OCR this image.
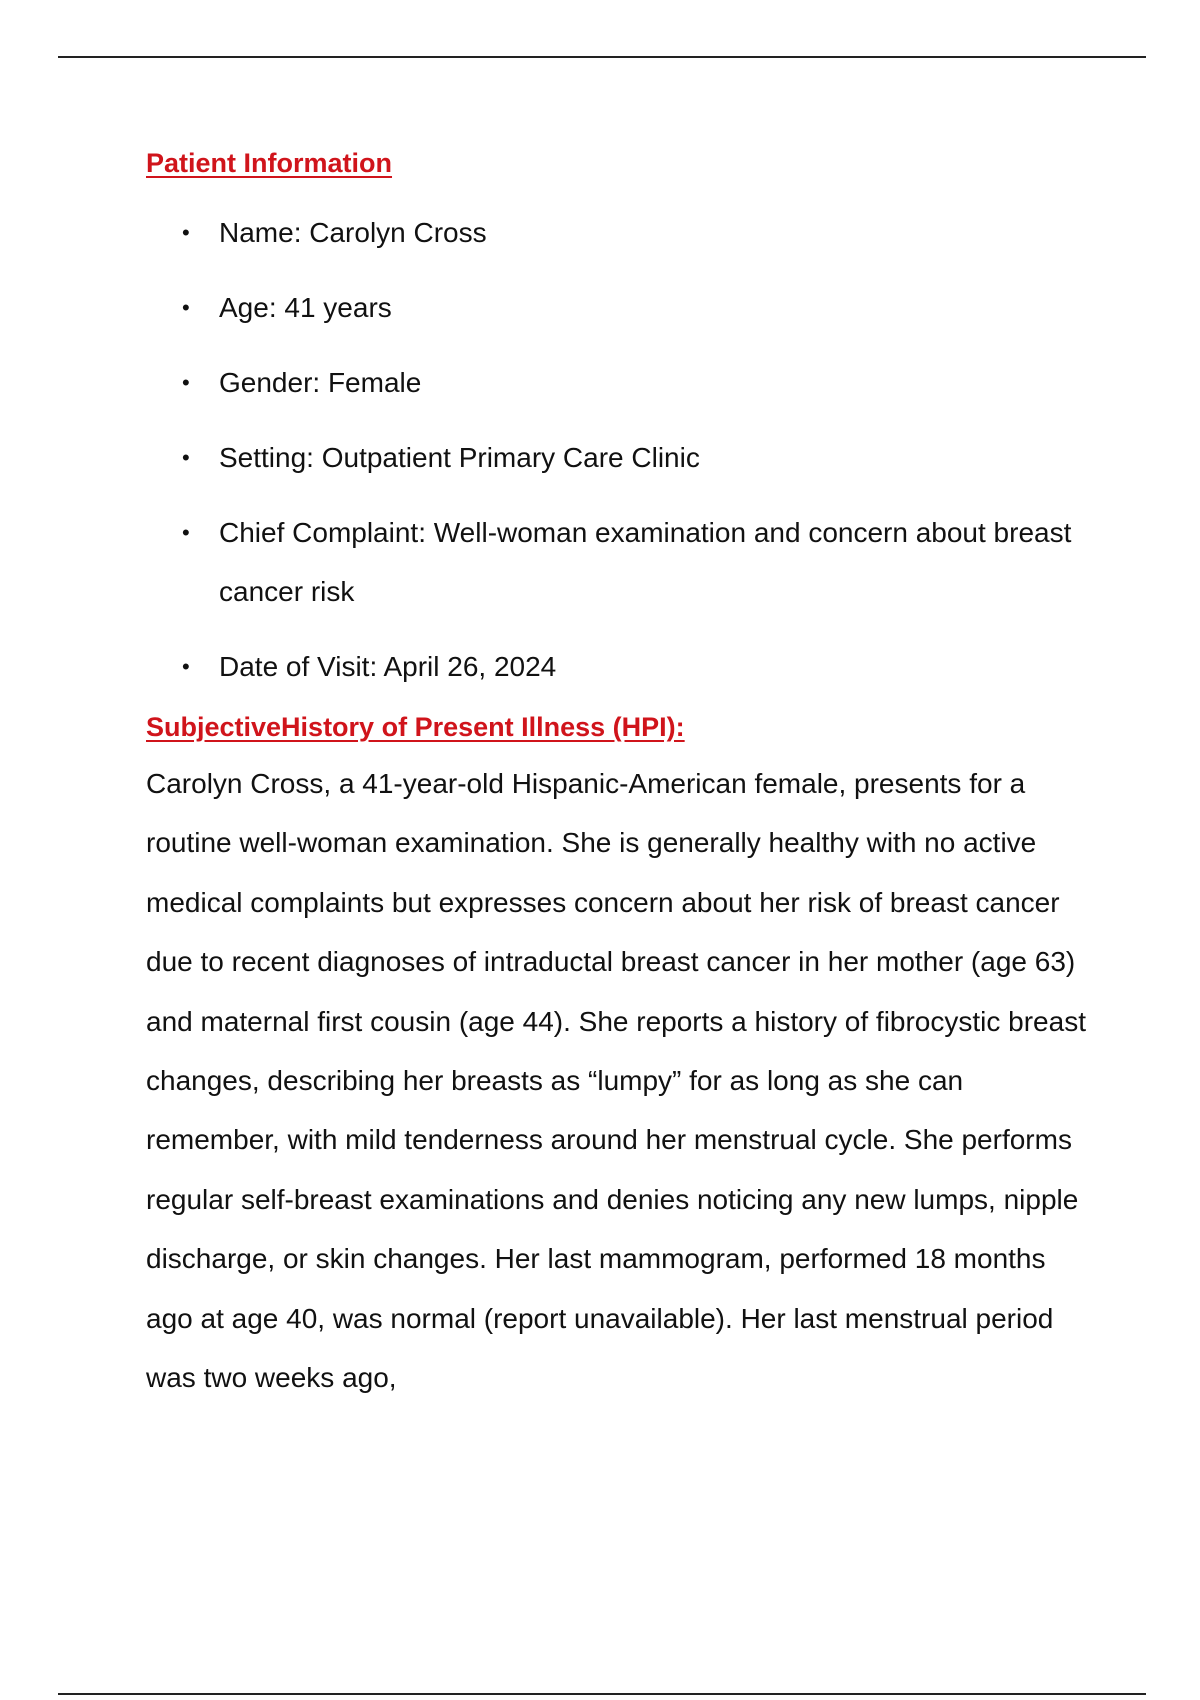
Patient Information
• Name: Carolyn Cross
• Age: 41 years
• Gender: Female
• Setting: Outpatient Primary Care Clinic
• Chief Complaint: Well-woman examination and concern about breast cancer risk
• Date of Visit: April 26, 2024
SubjectiveHistory of Present Illness (HPI):

Carolyn Cross, a 41-year-old Hispanic-American female, presents for a routine well-woman examination. She is generally healthy with no active medical complaints but expresses concern about her risk of breast cancer due to recent diagnoses of intraductal breast cancer in her mother (age 63) and maternal first cousin (age 44). She reports a history of fibrocystic breast changes, describing her breasts as “lumpy” for as long as she can remember, with mild tenderness around her menstrual cycle. She performs regular self-breast examinations and denies noticing any new lumps, nipple discharge, or skin changes. Her last mammogram, performed 18 months ago at age 40, was normal (report unavailable). Her last menstrual period was two weeks ago,
